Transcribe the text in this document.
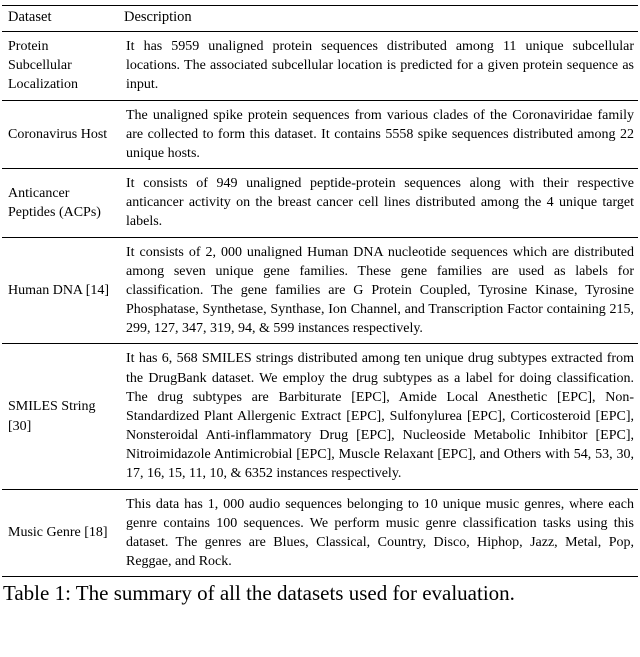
Dataset	Description
Protein Subcellular Localization	It has 5959 unaligned protein sequences distributed among 11 unique subcellular locations. The associated subcellular location is predicted for a given protein sequence as input.
Coronavirus Host	The unaligned spike protein sequences from various clades of the Coronaviridae family are collected to form this dataset. It contains 5558 spike sequences distributed among 22 unique hosts.
Anticancer Peptides (ACPs)	It consists of 949 unaligned peptide-protein sequences along with their respective anticancer activity on the breast cancer cell lines distributed among the 4 unique target labels.
Human DNA [14]	It consists of 2, 000 unaligned Human DNA nucleotide sequences which are distributed among seven unique gene families. These gene families are used as labels for classification. The gene families are G Protein Coupled, Tyrosine Kinase, Tyrosine Phosphatase, Synthetase, Synthase, Ion Channel, and Transcription Factor containing 215, 299, 127, 347, 319, 94, & 599 instances respectively.
SMILES String [30]	It has 6, 568 SMILES strings distributed among ten unique drug subtypes extracted from the DrugBank dataset. We employ the drug subtypes as a label for doing classification. The drug subtypes are Barbiturate [EPC], Amide Local Anesthetic [EPC], Non-Standardized Plant Allergenic Extract [EPC], Sulfonylurea [EPC], Corticosteroid [EPC], Nonsteroidal Anti-inflammatory Drug [EPC], Nucleoside Metabolic Inhibitor [EPC], Nitroimidazole Antimicrobial [EPC], Muscle Relaxant [EPC], and Others with 54, 53, 30, 17, 16, 15, 11, 10, & 6352 instances respectively.
Music Genre [18]	This data has 1, 000 audio sequences belonging to 10 unique music genres, where each genre contains 100 sequences. We perform music genre classification tasks using this dataset. The genres are Blues, Classical, Country, Disco, Hiphop, Jazz, Metal, Pop, Reggae, and Rock.
Table 1: The summary of all the datasets used for evaluation.
